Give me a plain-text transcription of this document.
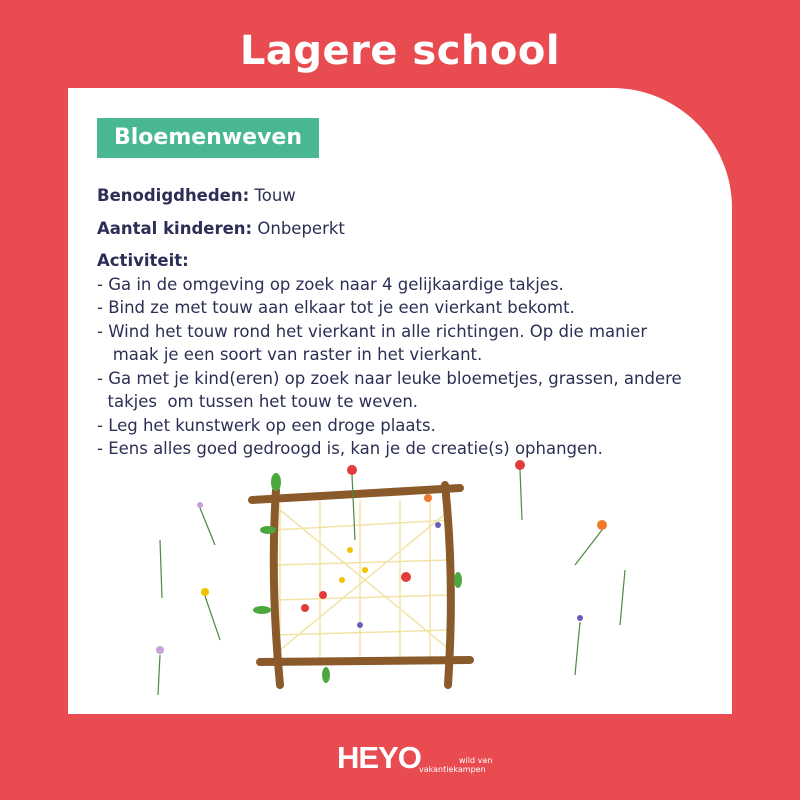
Lagere school
Bloemenweven
Benodigdheden: Touw
Aantal kinderen: Onbeperkt
Activiteit:
- Ga in de omgeving op zoek naar 4 gelijkaardige takjes.
- Bind ze met touw aan elkaar tot je een vierkant bekomt.
- Wind het touw rond het vierkant in alle richtingen. Op die manier
maak je een soort van raster in het vierkant.
- Ga met je kind(eren) op zoek naar leuke bloemetjes, grassen, andere
takjes  om tussen het touw te weven.
- Leg het kunstwerk op een droge plaats.
- Eens alles goed gedroogd is, kan je de creatie(s) ophangen.
HEYO	wild van
vakantiekampen
